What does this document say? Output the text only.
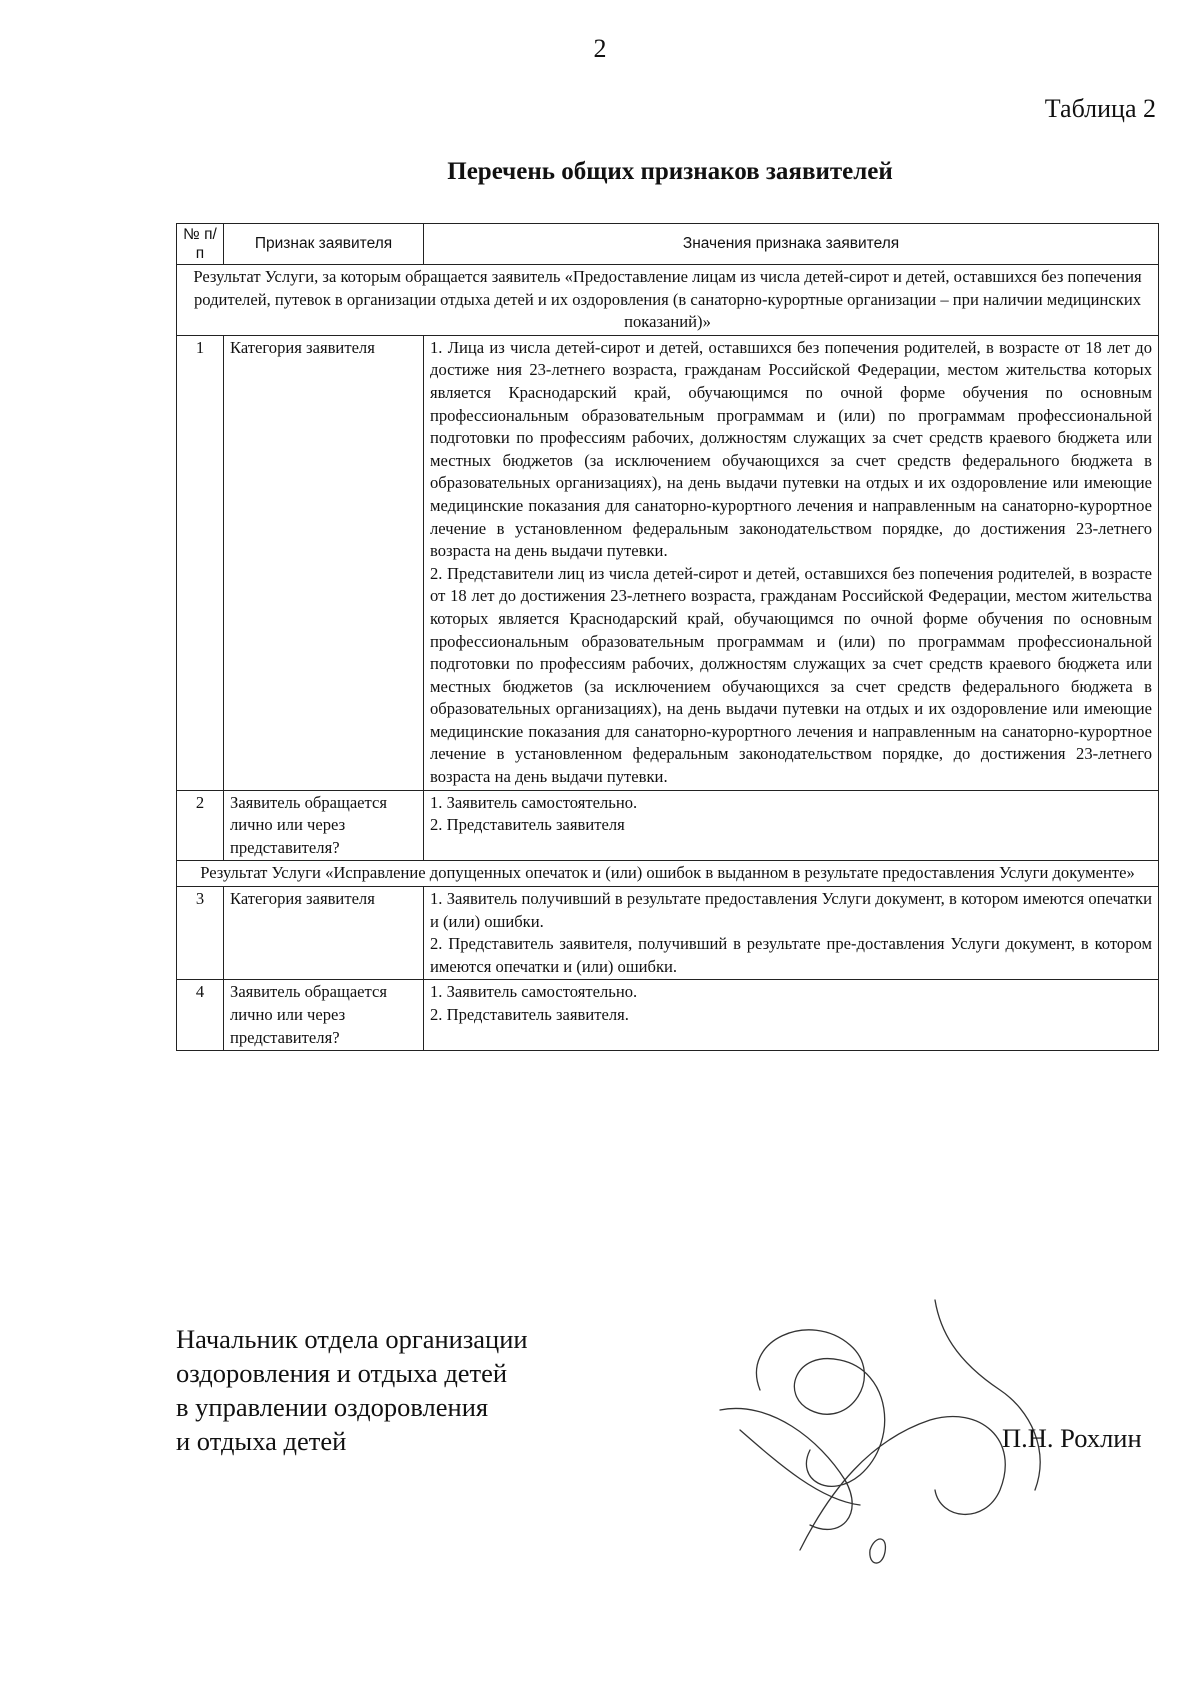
2
Таблица 2
Перечень общих признаков заявителей
№ п/п	Признак заявителя	Значения признака заявителя
Результат Услуги, за которым обращается заявитель «Предоставление лицам из числа детей-сирот и детей, оставшихся без попечения родителей, путевок в организации отдыха детей и их оздоровления (в санаторно-курортные организации – при наличии медицинских показаний)»		
1	Категория заявителя	1. Лица из числа детей-сирот и детей, оставшихся без попечения родителей, в возрасте от 18 лет до достиже ния 23-летнего возраста, гражданам Российской Федерации, местом жительства которых является Краснодарский край, обучающимся по очной форме обучения по основным профессиональным образовательным программам и (или) по программам профессиональной подготовки по профессиям рабочих, должностям служащих за счет средств краевого бюджета или местных бюджетов (за исключением обучающихся за счет средств федерального бюджета в образовательных организациях), на день выдачи путевки на отдых и их оздоровление или имеющие медицинские показания для санаторно-курортного лечения и направленным на санаторно-курортное лечение в установленном федеральным законодательством порядке, до достижения 23-летнего возраста на день выдачи путевки.

2. Представители лиц из числа детей-сирот и детей, оставшихся без попечения родителей, в возрасте от 18 лет до достижения 23-летнего возраста, гражданам Российской Федерации, местом жительства которых является Краснодарский край, обучающимся по очной форме обучения по основным профессиональным образовательным программам и (или) по программам профессиональной подготовки по профессиям рабочих, должностям служащих за счет средств краевого бюджета или местных бюджетов (за исключением обучающихся за счет средств федерального бюджета в образовательных организациях), на день выдачи путевки на отдых и их оздоровление или имеющие медицинские показания для санаторно-курортного лечения и направленным на санаторно-курортное лечение в установленном федеральным законодательством порядке, до достижения 23-летнего возраста на день выдачи путевки.

2	Заявитель обращается лично или через представителя?	1. Заявитель самостоятельно.

2. Представитель заявителя

Результат Услуги «Исправление допущенных опечаток и (или) ошибок в выданном в результате предоставления Услуги документе»		
3	Категория заявителя	1. Заявитель получивший в результате предоставления Услуги документ, в котором имеются опечатки и (или) ошибки.

2. Представитель заявителя, получивший в результате пре-доставления Услуги документ, в котором имеются опечатки и (или) ошибки.

4	Заявитель обращается лично или через представителя?	1. Заявитель самостоятельно.

2. Представитель заявителя.

Начальник отдела организации
оздоровления и отдыха детей
в управлении оздоровления
и отдыха детей	П.Н. Рохлин
